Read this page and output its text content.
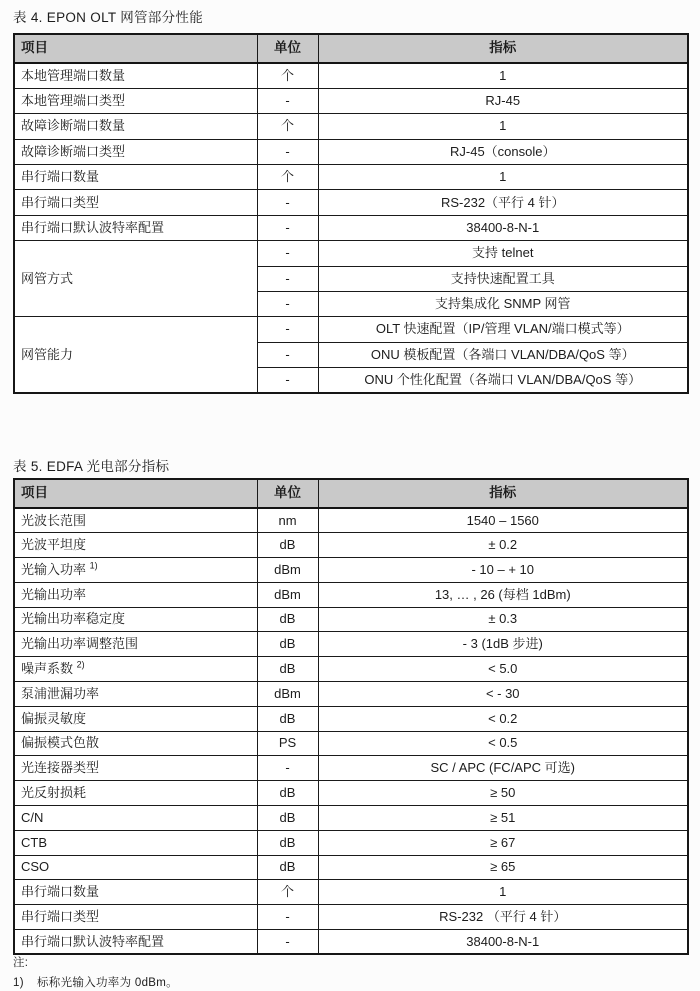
表 4. EPON OLT 网管部分性能
项目	单位	指标
本地管理端口数量	个	1
本地管理端口类型	-	RJ-45
故障诊断端口数量	个	1
故障诊断端口类型	-	RJ-45（console）
串行端口数量	个	1
串行端口类型	-	RS-232（平行 4 针）
串行端口默认波特率配置	-	38400-8-N-1
网管方式	-	支持 telnet
	-	支持快速配置工具
	-	支持集成化 SNMP 网管
网管能力	-	OLT 快速配置（IP/管理 VLAN/端口模式等）
	-	ONU 模板配置（各端口 VLAN/DBA/QoS 等）
	-	ONU 个性化配置（各端口 VLAN/DBA/QoS 等）
表 5. EDFA 光电部分指标
项目	单位	指标
光波长范围	nm	1540 – 1560
光波平坦度	dB	± 0.2
光输入功率 $^{1)}$	dBm	- 10 – + 10
光输出功率	dBm	13, … , 26 (每档 1dBm)
光输出功率稳定度	dB	± 0.3
光输出功率调整范围	dB	- 3 (1dB 步进)
噪声系数 $^{2)}$	dB	< 5.0
泵浦泄漏功率	dBm	< - 30
偏振灵敏度	dB	< 0.2
偏振模式色散	PS	< 0.5
光连接器类型	-	SC / APC (FC/APC 可选)
光反射损耗	dB	≥ 50
C/N	dB	≥ 51
CTB	dB	≥ 67
CSO	dB	≥ 65
串行端口数量	个	1
串行端口类型	-	RS-232 （平行 4 针）
串行端口默认波特率配置	-	38400-8-N-1
注:
1) 标称光输入功率为 0dBm。
